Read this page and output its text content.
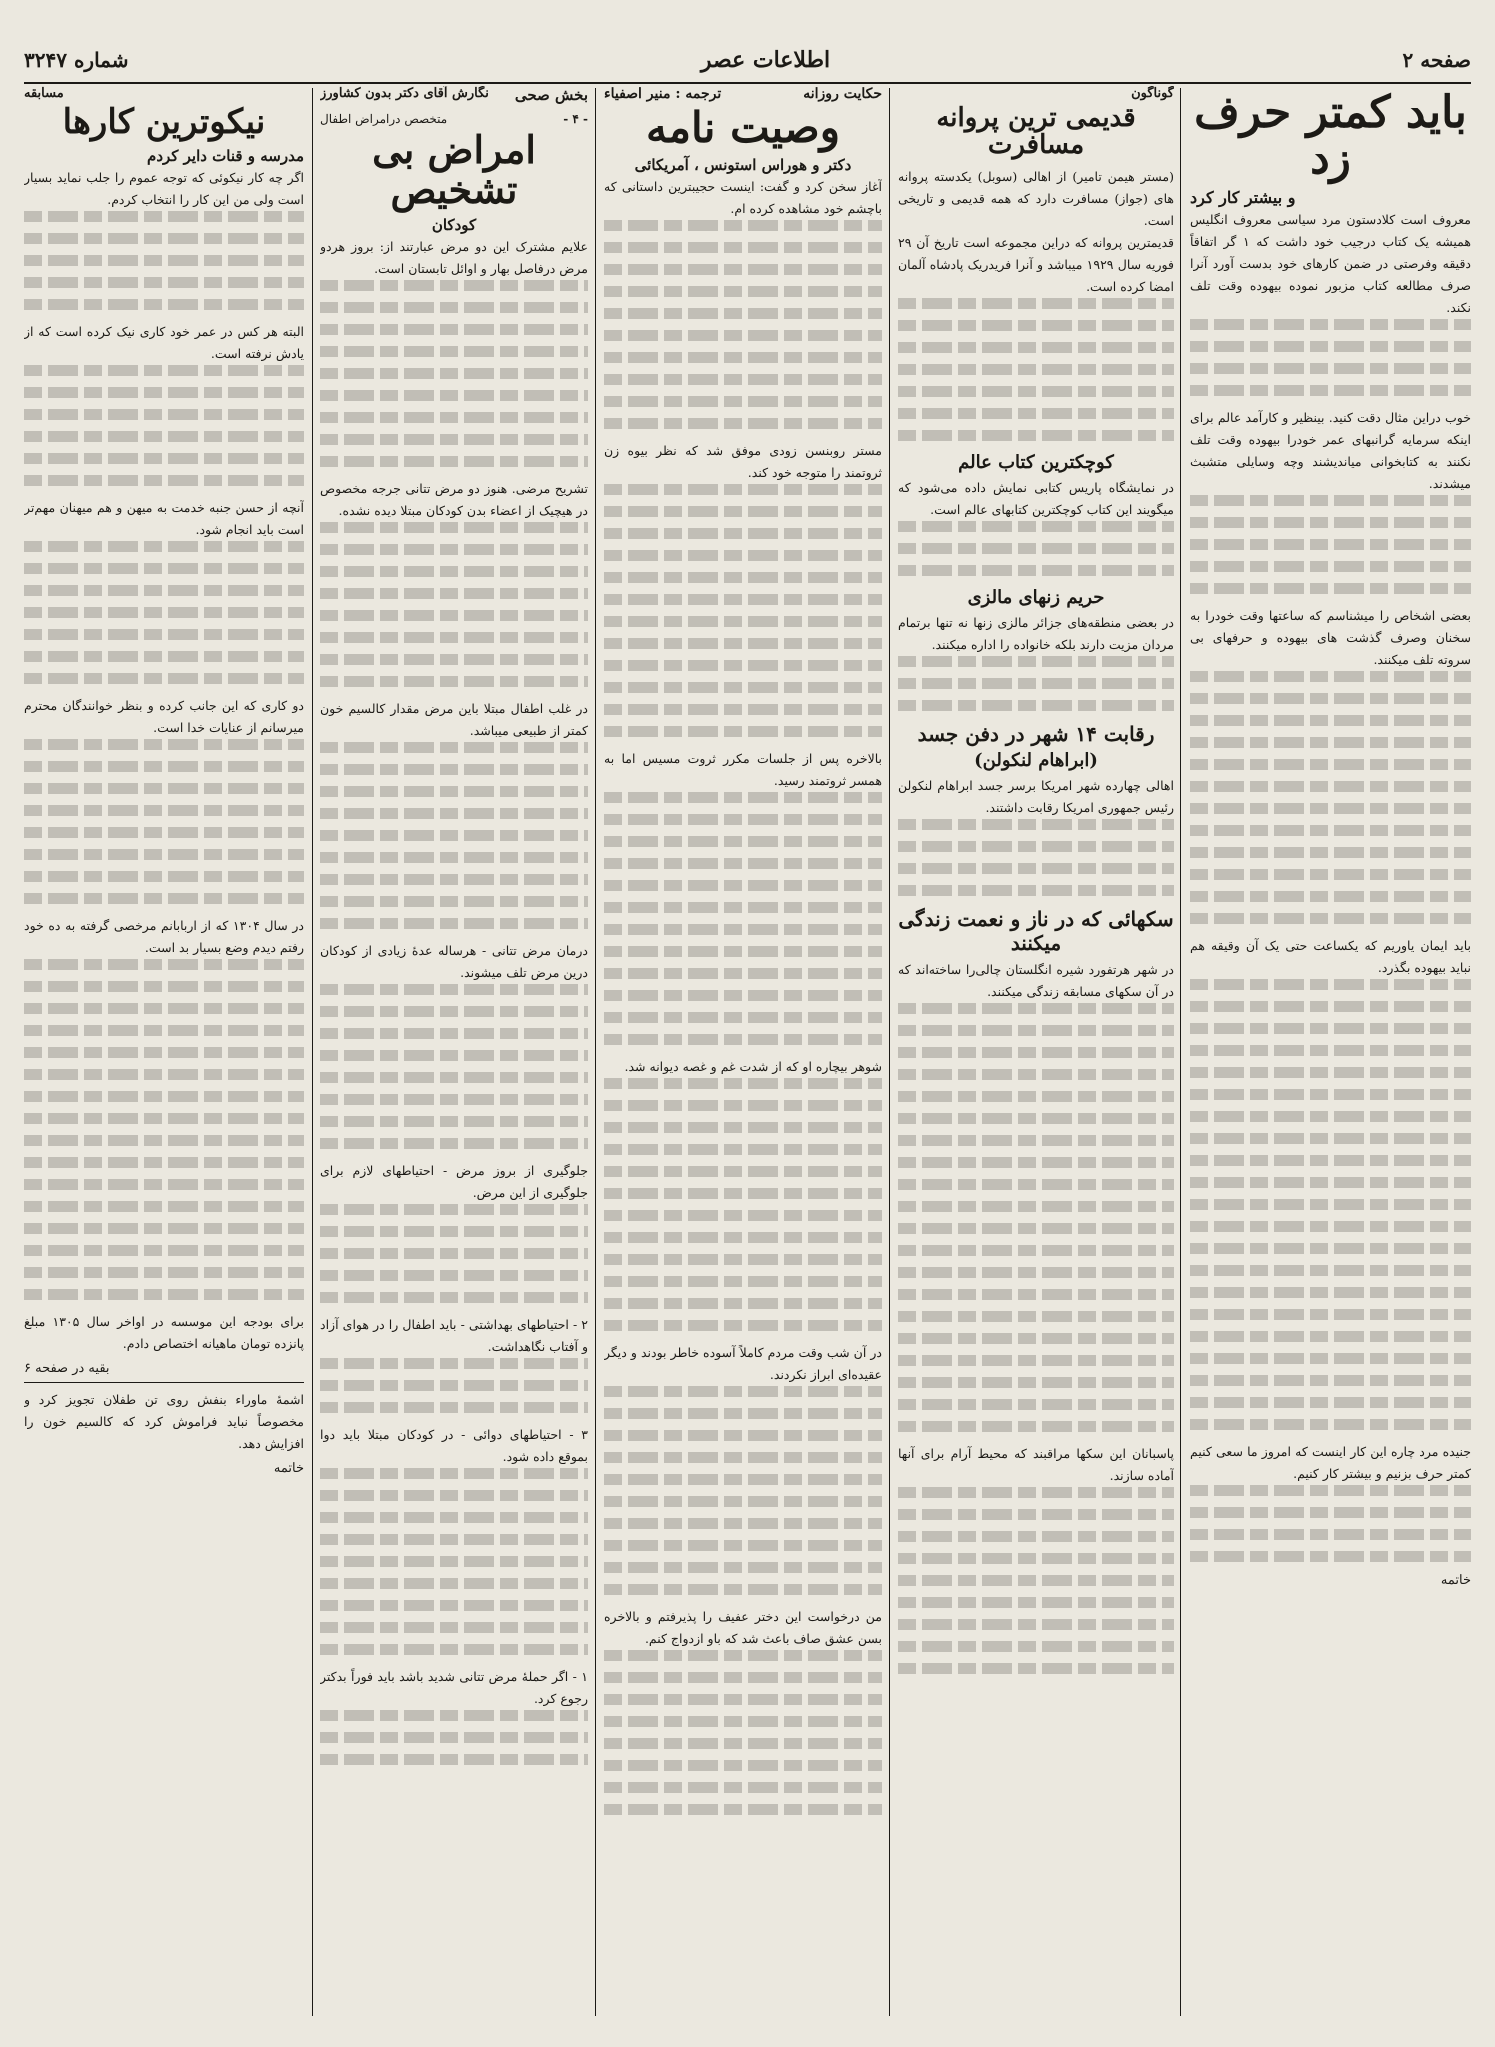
صفحه ۲
اطلاعات عصر
شماره ۳۲۴۷
باید کمتر حرف زد
و بیشتر کار کرد

معروف است کلادستون مرد سیاسی معروف انگلیس همیشه یک کتاب درجیب خود داشت که ۱ گر اتفاقاً دقیقه وفرصتی در ضمن کارهای خود بدست آورد آنرا صرف مطالعه کتاب مزبور نموده بیهوده وقت تلف نکند.

خوب دراین مثال دقت کنید. بینظیر و کارآمد عالم برای اینکه سرمایه گرانبهای عمر خودرا بیهوده وقت تلف نکنند به کتابخوانی میاندیشند وچه وسایلی متشبث میشدند.

بعضی اشخاص را میشناسم که ساعتها وقت خودرا به سخنان وصرف گذشت های بیهوده و حرفهای بی سروته تلف میکنند.

باید ایمان یاوریم که یکساعت حتی یک آن وقیقه هم نباید بیهوده بگذرد.

جنیده مرد چاره این کار اینست که امروز ما سعی کنیم کمتر حرف بزنیم و بیشتر کار کنیم.

خاتمه
گوناگون
قدیمی ترین پروانه مسافرت

(مستر هیمن تامیر) از اهالی (سوبل) یکدسته پروانه های (جواز) مسافرت دارد که همه قدیمی و تاریخی است.

قدیمترین پروانه که دراین مجموعه است تاریخ آن ۲۹ فوریه سال ۱۹۲۹ میباشد و آنرا فریدریک پادشاه آلمان امضا کرده است.

کوچکترین کتاب عالم

در نمایشگاه پاریس کتابی نمایش داده می‌شود که میگویند این کتاب کوچکترین کتابهای عالم است.

حریم زنهای مالزی

در بعضی منطقه‌های جزائر مالزی زنها نه تنها برتمام مردان مزیت دارند بلکه خانواده را اداره میکنند.

رقابت ۱۴ شهر در دفن جسد
(ابراهام لنکولن)

اهالی چهارده شهر امریکا برسر جسد ابراهام لنکولن رئیس جمهوری امریکا رقابت داشتند.

سکهائی که در ناز و نعمت زندگی میکنند

در شهر هرتفورد شیره انگلستان چالی‌را ساخته‌اند که در آن سکهای مسابقه زندگی میکنند.

پاسبانان این سکها مراقبند که محیط آرام برای آنها آماده سازند.

حکایت روزانه
ترجمه : منیر اصفیاء
وصیت نامه
دکتر و هوراس استونس ، آمریکائی

آغاز سخن کرد و گفت: اینست حجیبترین داستانی که باچشم خود مشاهده کرده ام.

مستر روبنسن زودی موفق شد که نظر بیوه زن ثروتمند را متوجه خود کند.

بالاخره پس از جلسات مکرر ثروت مسیس اما به همسر ثروتمند رسید.

شوهر بیچاره او که از شدت غم و غصه دیوانه شد.

در آن شب وقت مردم کاملاً آسوده خاطر بودند و دیگر عقیده‌ای ابراز نکردند.

من درخواست این دختر عفیف را پذیرفتم و بالاخره بسن عشق صاف باعث شد که باو ازدواج کنم.

بخش صحی
نگارش آقای دکتر بدون کشاورز
- ۴ -
متخصص درامراض اطفال
امراض بی تشخیص
کودکان

علایم مشترک این دو مرض عبارتند از: بروز هردو مرض درفاصل بهار و اوائل تابستان است.

تشریح مرضی. هنوز دو مرض تتانی جرجه مخصوص در هیچیک از اعضاء بدن کودکان مبتلا دیده نشده.

در غلب اطفال مبتلا باین مرض مقدار کالسیم خون کمتر از طبیعی میباشد.

درمان مرض تتانی - هرساله عدهٔ زیادی از کودکان درین مرض تلف میشوند.

جلوگیری از بروز مرض - احتیاطهای لازم برای جلوگیری از این مرض.

۲ - احتیاطهای بهداشتی - باید اطفال را در هوای آزاد و آفتاب نگاهداشت.

۳ - احتیاطهای دوائی - در کودکان مبتلا باید دوا بموقع داده شود.

۱ - اگر حملهٔ مرض تتانی شدید باشد باید فوراً بدکتر رجوع کرد.

مسابقه
نیکوترین کارها
مدرسه و قنات دایر کردم

اگر چه کار نیکوئی که توجه عموم را جلب نماید بسیار است ولی من این کار را انتخاب کردم.

البته هر کس در عمر خود کاری نیک کرده است که از یادش نرفته است.

آنچه از حسن جنبه خدمت به میهن و هم میهنان مهم‌تر است باید انجام شود.

دو کاری که این جانب کرده و بنظر خوانندگان محترم میرسانم از عنایات خدا است.

در سال ۱۳۰۴ که از اربابانم مرخصی گرفته به ده خود رفتم دیدم وضع بسیار بد است.

برای بودجه این موسسه در اواخر سال ۱۳۰۵ مبلغ پانزده تومان ماهیانه اختصاص دادم.

بقیه در صفحه ۶

اشمهٔ ماوراء بنفش روی تن طفلان تجویز کرد و مخصوصاً نباید فراموش کرد که کالسیم خون را افزایش دهد.

خاتمه
